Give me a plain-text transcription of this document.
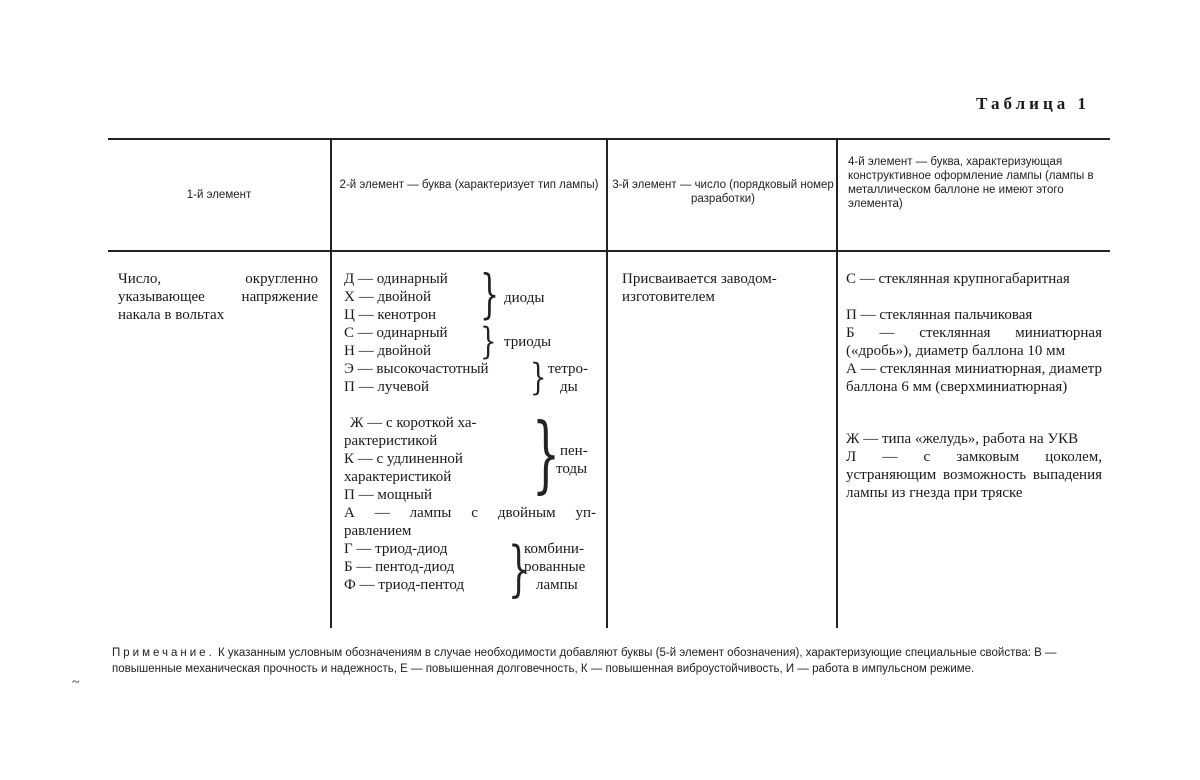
Таблица 1
1-й элемент
2-й элемент — буква (характеризует тип лампы)	3-й элемент — число (порядковый номер разработки)
4-й элемент — буква, характеризующая конструктивное оформление лампы (лампы в металлическом баллоне не имеют этого элемента)
Число, округленно указывающее напряжение накала в вольтах
Д — одинарный
Х — двойной
Ц — кенотрон } диоды
С — одинарный
Н — двойной } триоды
Э — высокочастотный
П — лучевой	} тетро-
ды
Ж — с короткой ха-
рактеристикой
К — с удлиненной
характеристикой
П — мощный } пен-
тоды
А — лампы с двойным уп-
равлением
Г — триод-диод
Б — пентод-диод
Ф — триод-пентод }
комбини-
рованные
лампы
Присваивается заводом-изготовителем
С — стеклянная крупногабаритная
П — стеклянная пальчиковая
Б — стеклянная миниатюрная («дробь»), диаметр баллона 10 мм
А — стеклянная миниатюрная, диаметр баллона 6 мм (сверхминиатюрная)
Ж — типа «желудь», работа на УКВ
Л — с замковым цоколем, устраняющим возможность выпадения лампы из гнезда при тряске
~
Примечание. К указанным условным обозначениям в случае необходимости добавляют буквы (5-й элемент обозначения), характеризующие специальные свойства: В — повышенные механическая прочность и надежность, Е — повышенная долговечность, К — повышенная виброустойчивость, И — работа в импульсном режиме.
